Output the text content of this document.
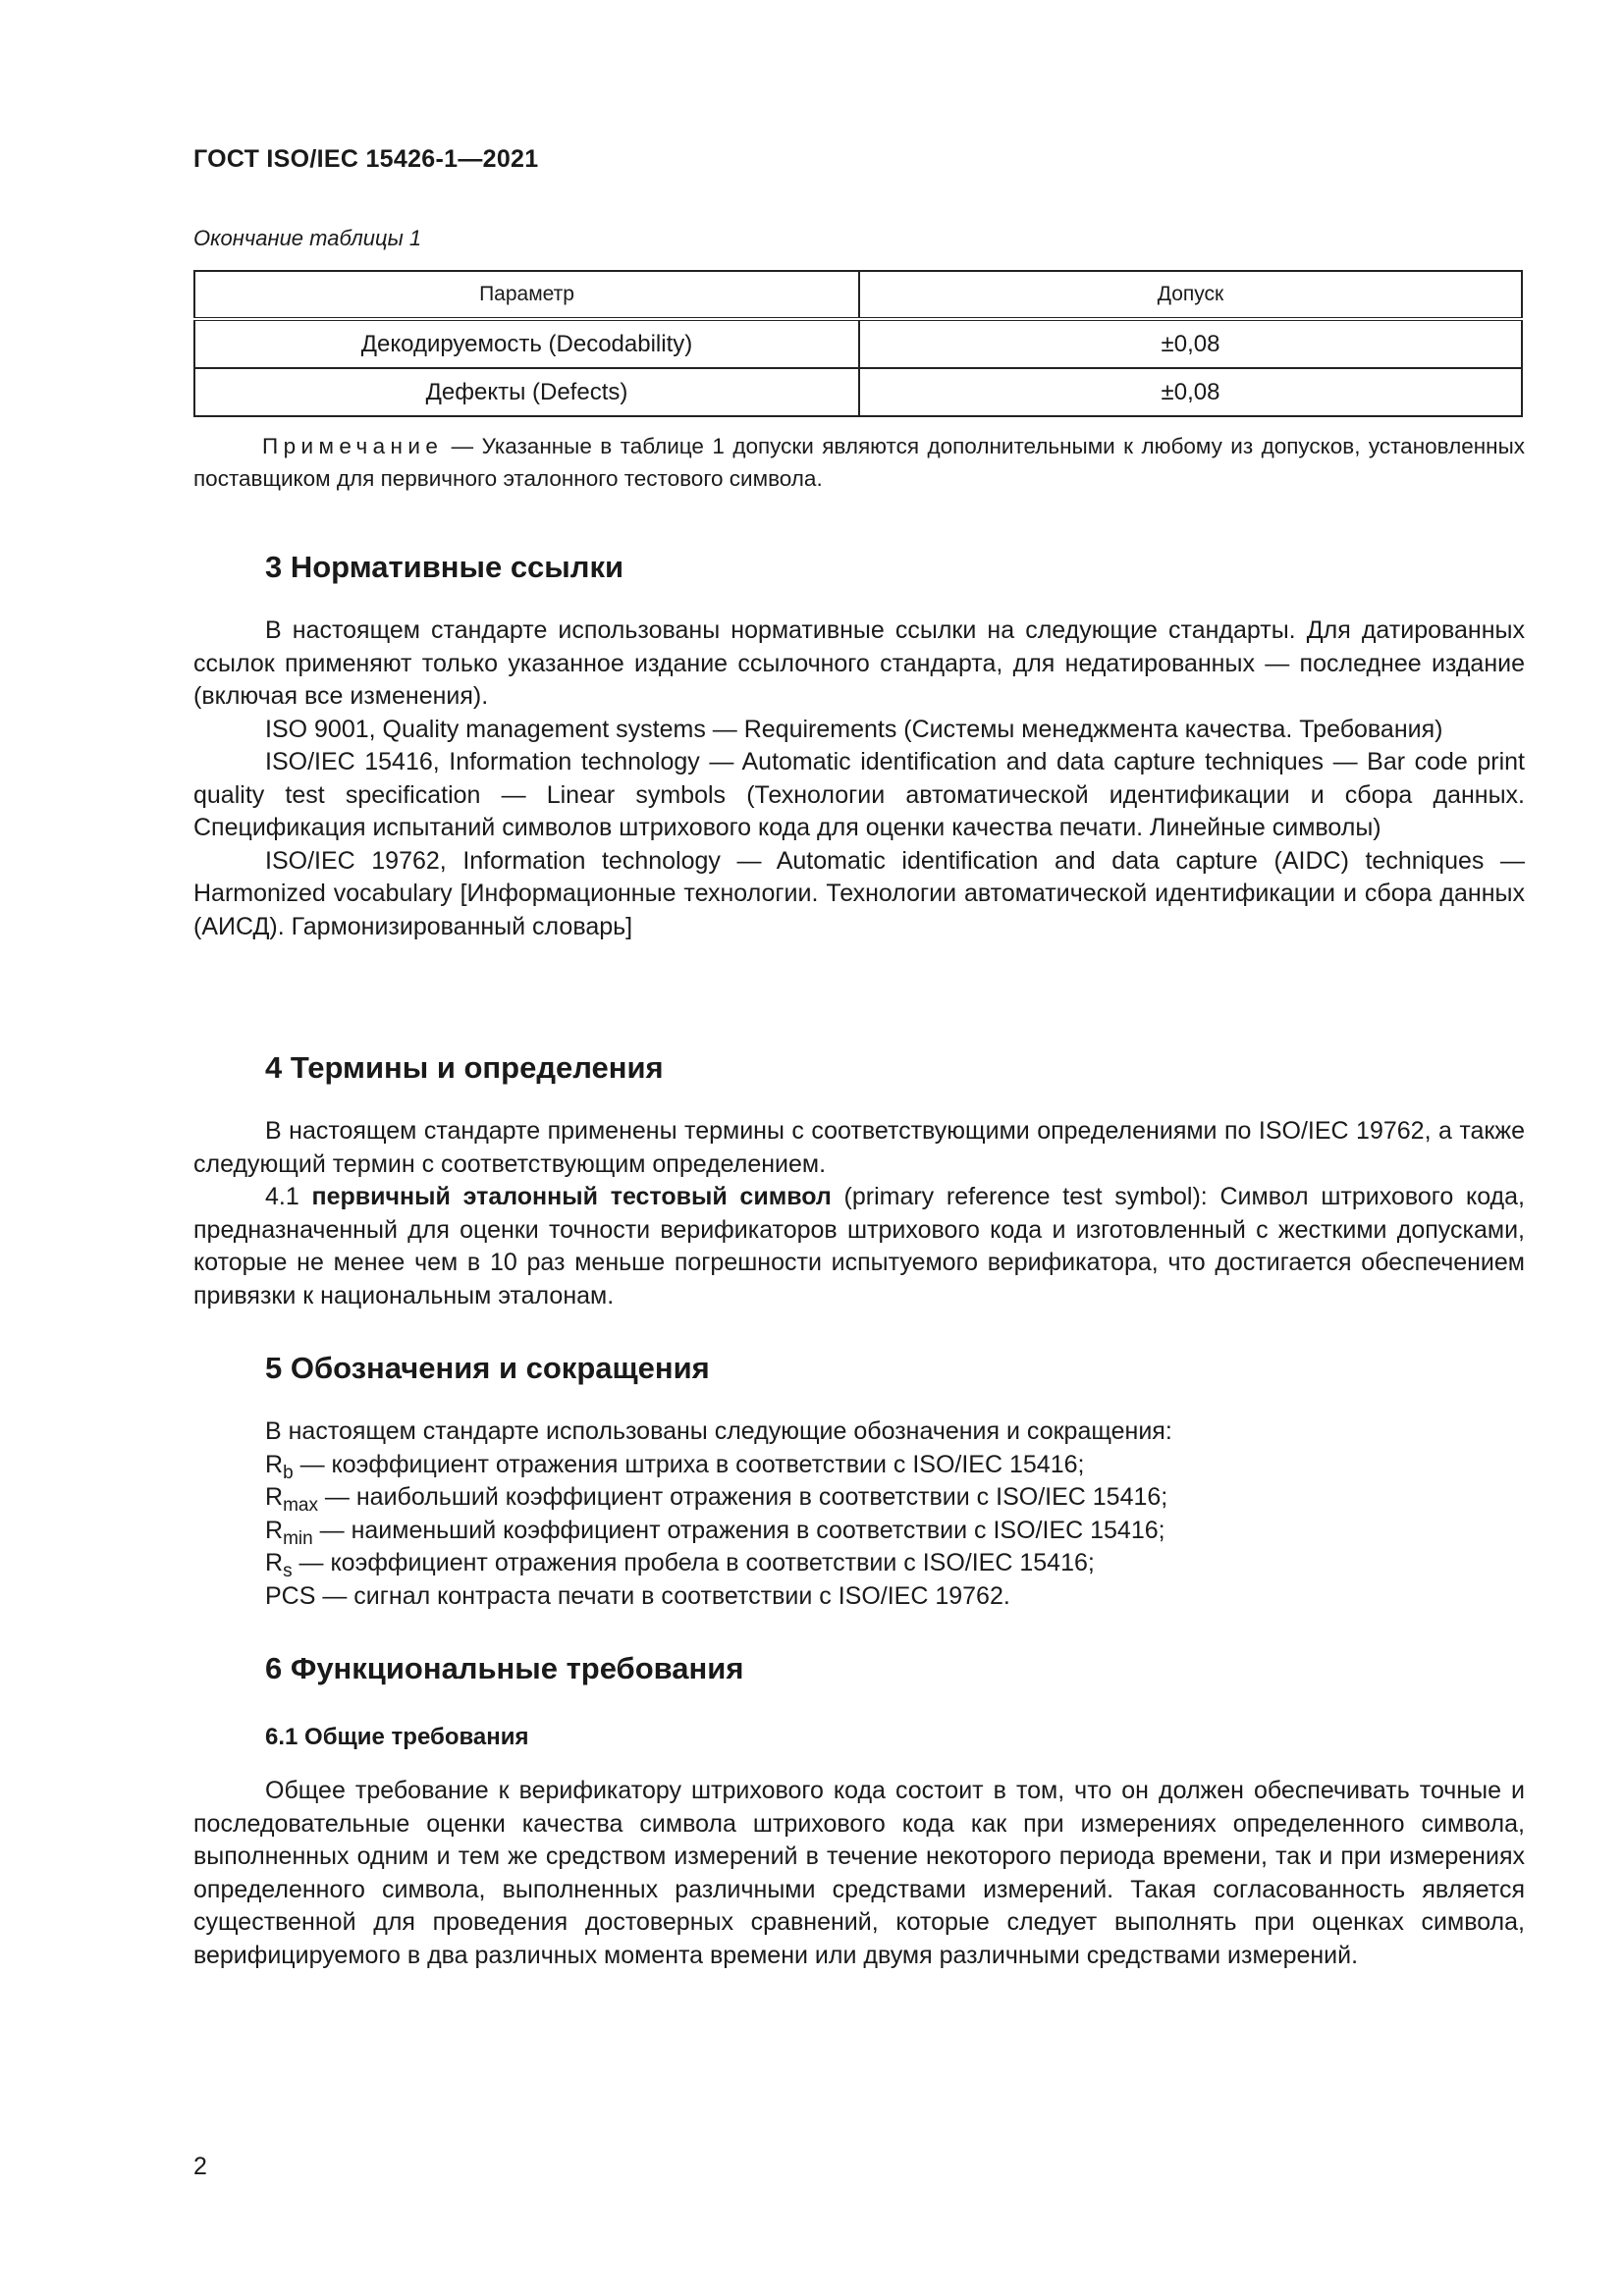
ГОСТ ISO/IEC 15426-1—2021
Окончание таблицы 1
Параметр	Допуск
Декодируемость (Decodability)	±0,08
Дефекты (Defects)	±0,08
Примечание — Указанные в таблице 1 допуски являются дополнительными к любому из допусков, установленных поставщиком для первичного эталонного тестового символа.
3 Нормативные ссылки

В настоящем стандарте использованы нормативные ссылки на следующие стандарты. Для датированных ссылок применяют только указанное издание ссылочного стандарта, для недатированных — последнее издание (включая все изменения).

ISO 9001, Quality management systems — Requirements (Системы менеджмента качества. Требования)

ISO/IEC 15416, Information technology — Automatic identification and data capture techniques — Bar code print quality test specification — Linear symbols (Технологии автоматической идентификации и сбора данных. Спецификация испытаний символов штрихового кода для оценки качества печати. Линейные символы)

ISO/IEC 19762, Information technology — Automatic identification and data capture (AIDC) techniques — Harmonized vocabulary [Информационные технологии. Технологии автоматической идентификации и сбора данных (АИСД). Гармонизированный словарь]

4 Термины и определения

В настоящем стандарте применены термины с соответствующими определениями по ISO/IEC 19762, а также следующий термин с соответствующим определением.

4.1 первичный эталонный тестовый символ (primary reference test symbol): Символ штрихового кода, предназначенный для оценки точности верификаторов штрихового кода и изготовленный с жесткими допусками, которые не менее чем в 10 раз меньше погрешности испытуемого верификатора, что достигается обеспечением привязки к национальным эталонам.

5 Обозначения и сокращения

В настоящем стандарте использованы следующие обозначения и сокращения:

$R_b$ — коэффициент отражения штриха в соответствии с ISO/IEC 15416;
$R_{max}$ — наибольший коэффициент отражения в соответствии с ISO/IEC 15416;
$R_{min}$ — наименьший коэффициент отражения в соответствии с ISO/IEC 15416;
$R_s$ — коэффициент отражения пробела в соответствии с ISO/IEC 15416;
PCS — сигнал контраста печати в соответствии с ISO/IEC 19762.
6 Функциональные требования
6.1 Общие требования

Общее требование к верификатору штрихового кода состоит в том, что он должен обеспечивать точные и последовательные оценки качества символа штрихового кода как при измерениях определенного символа, выполненных одним и тем же средством измерений в течение некоторого периода времени, так и при измерениях определенного символа, выполненных различными средствами измерений. Такая согласованность является существенной для проведения достоверных сравнений, которые следует выполнять при оценках символа, верифицируемого в два различных момента времени или двумя различными средствами измерений.

2
